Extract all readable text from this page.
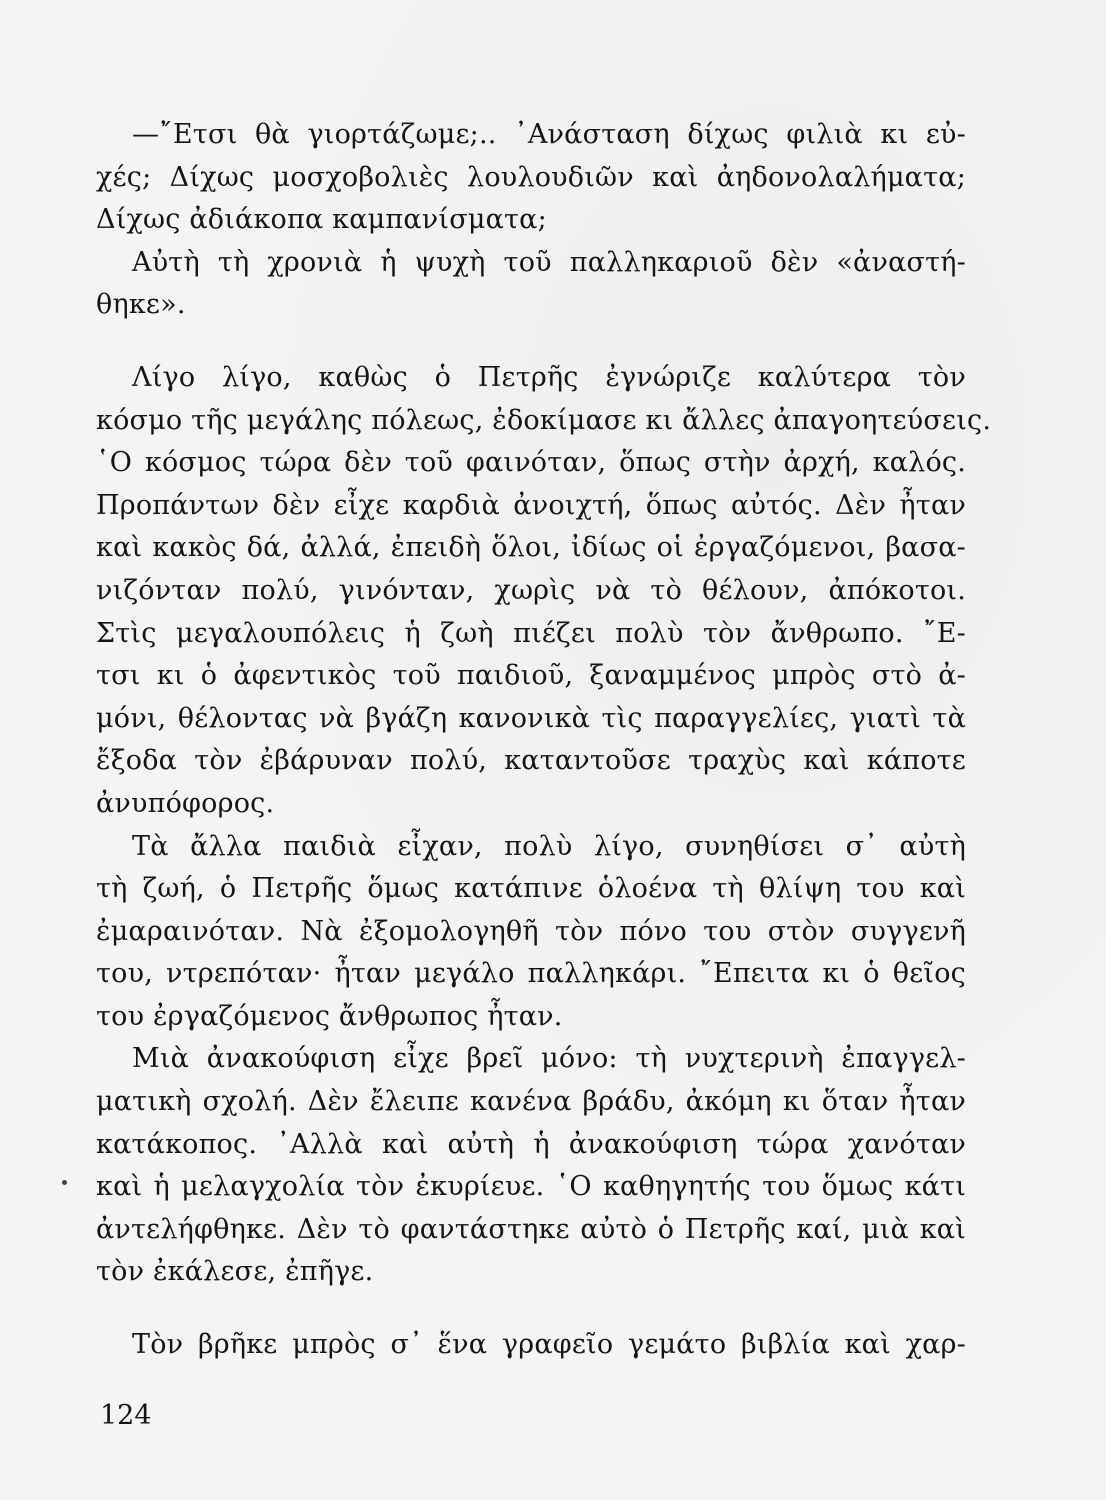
—῎Ετσι θὰ γιορτάζωμε;.. ᾿Ανάσταση δίχως φιλιὰ κι εὐ-
χές; Δίχως μοσχοβολιὲς λουλουδιῶν καὶ ἀηδονολαλήματα;
Δίχως ἀδιάκοπα καμπανίσματα;
Αὐτὴ τὴ χρονιὰ ἡ ψυχὴ τοῦ παλληκαριοῦ δὲν «ἀναστή-
θηκε».
Λίγο λίγο, καθὼς ὁ Πετρῆς ἐγνώριζε καλύτερα τὸν
κόσμο τῆς μεγάλης πόλεως, ἐδοκίμασε κι ἄλλες ἀπαγοητεύσεις.
῾Ο κόσμος τώρα δὲν τοῦ φαινόταν, ὅπως στὴν ἀρχή, καλός.
Προπάντων δὲν εἶχε καρδιὰ ἀνοιχτή, ὅπως αὐτός. Δὲν ἦταν
καὶ κακὸς δά, ἀλλά, ἐπειδὴ ὅλοι, ἰδίως οἱ ἐργαζόμενοι, βασα-
νιζόνταν πολύ, γινόνταν, χωρὶς νὰ τὸ θέλουν, ἀπόκοτοι.
Στὶς μεγαλουπόλεις ἡ ζωὴ πιέζει πολὺ τὸν ἄνθρωπο. ῎Ε-
τσι κι ὁ ἀφεντικὸς τοῦ παιδιοῦ, ξαναμμένος μπρὸς στὸ ἀ-
μόνι, θέλοντας νὰ βγάζη κανονικὰ τὶς παραγγελίες, γιατὶ τὰ
ἔξοδα τὸν ἐβάρυναν πολύ, καταντοῦσε τραχὺς καὶ κάποτε
ἀνυπόφορος.
Τὰ ἄλλα παιδιὰ εἶχαν, πολὺ λίγο, συνηθίσει σ᾿ αὐτὴ
τὴ ζωή, ὁ Πετρῆς ὅμως κατάπινε ὁλοένα τὴ θλίψη του καὶ
ἐμαραινόταν. Νὰ ἐξομολογηθῆ τὸν πόνο του στὸν συγγενῆ
του, ντρεπόταν· ἦταν μεγάλο παλληκάρι. ῎Επειτα κι ὁ θεῖος
του ἐργαζόμενος ἄνθρωπος ἦταν.
Μιὰ ἀνακούφιση εἶχε βρεῖ μόνο: τὴ νυχτερινὴ ἐπαγγελ-
ματικὴ σχολή. Δὲν ἔλειπε κανένα βράδυ, ἀκόμη κι ὅταν ἦταν
κατάκοπος. ᾿Αλλὰ καὶ αὐτὴ ἡ ἀνακούφιση τώρα χανόταν
καὶ ἡ μελαγχολία τὸν ἐκυρίευε. ῾Ο καθηγητής του ὅμως κάτι
ἀντελήφθηκε. Δὲν τὸ φαντάστηκε αὐτὸ ὁ Πετρῆς καί, μιὰ καὶ
τὸν ἐκάλεσε, ἐπῆγε.
Τὸν βρῆκε μπρὸς σ᾿ ἕνα γραφεῖο γεμάτο βιβλία καὶ χαρ-
124
